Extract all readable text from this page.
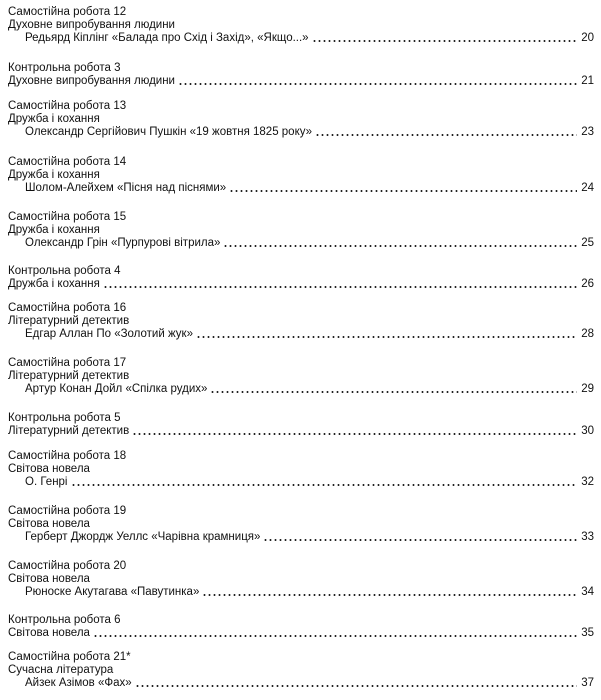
Самостійна робота 12
Духовне випробування людини
Редьярд Кіплінг «Балада про Схід і Захід», «Якщо...»	20
Контрольна робота 3
Духовне випробування людини	21
Самостійна робота 13
Дружба і кохання
Олександр Сергійович Пушкін «19 жовтня 1825 року»	23
Самостійна робота 14
Дружба і кохання
Шолом-Алейхем «Пісня над піснями»	24
Самостійна робота 15
Дружба і кохання
Олександр Грін «Пурпурові вітрила»	25
Контрольна робота 4
Дружба і кохання	26
Самостійна робота 16
Літературний детектив
Едгар Аллан По «Золотий жук»	28
Самостійна робота 17
Літературний детектив
Артур Конан Дойл «Спілка рудих»	29
Контрольна робота 5
Літературний детектив	30
Самостійна робота 18
Світова новела
О. Генрі	32
Самостійна робота 19
Світова новела
Герберт Джордж Уеллс «Чарівна крамниця»	33
Самостійна робота 20
Світова новела
Рюноске Акутагава «Павутинка»	34
Контрольна робота 6
Світова новела	35
Самостійна робота 21*
Сучасна література
Айзек Азімов «Фах»	37
